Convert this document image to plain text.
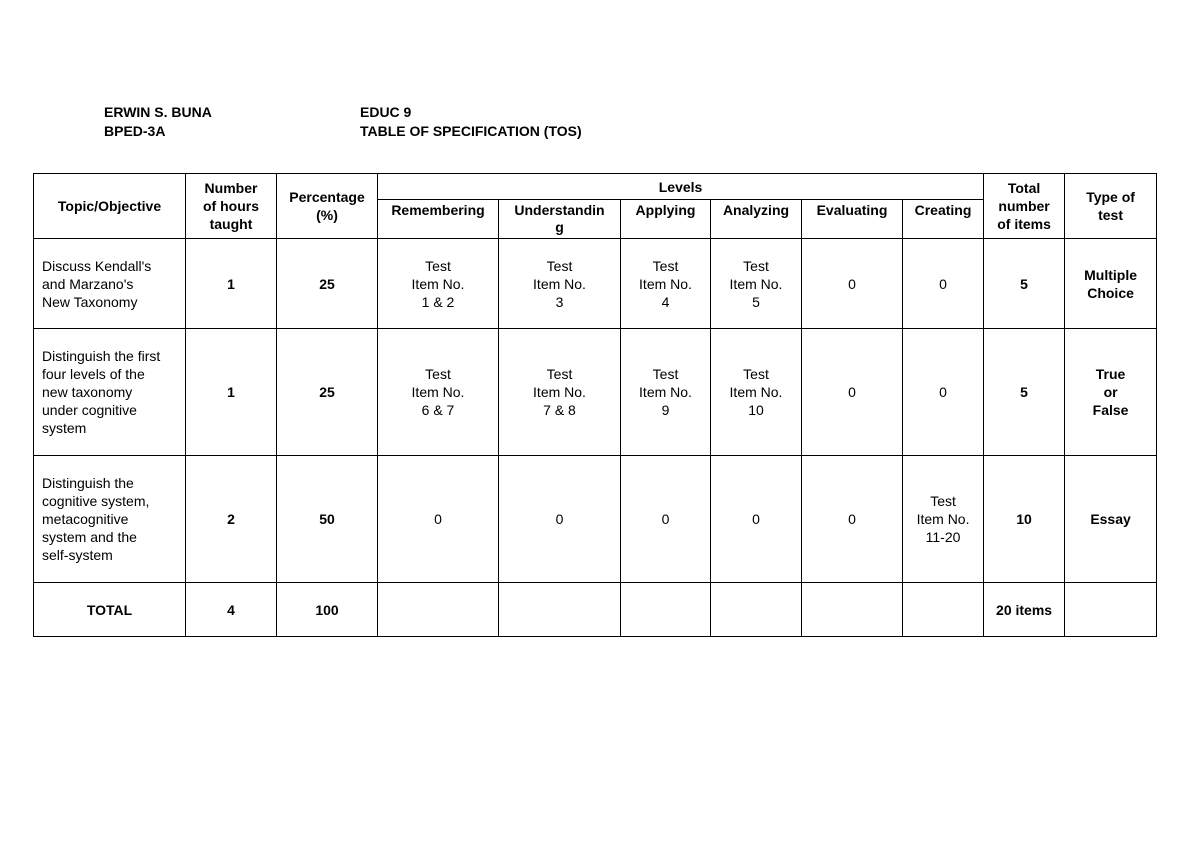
ERWIN S. BUNA
BPED-3A
EDUC 9
TABLE OF SPECIFICATION (TOS)
Topic/Objective	Number
of hours
taught	Percentage
(%)	Levels						Total
number
of items	Type of
test

			Remembering	Understandin
g	Applying	Analyzing	Evaluating	Creating		

Discuss Kendall's
and Marzano's
New Taxonomy	1	25	Test
Item No.
1 & 2	Test
Item No.
3	Test
Item No.
4	Test
Item No.
5	0	0	5	Multiple
Choice

Distinguish the first
four levels of the
new taxonomy
under cognitive
system	1	25	Test
Item No.
6 & 7	Test
Item No.
7 & 8	Test
Item No.
9	Test
Item No.
10	0	0	5	True
or
False

Distinguish the
cognitive system,
metacognitive
system and the
self-system	2	50	0	0	0	0	0	Test
Item No.
11-20	10	Essay

TOTAL	4	100							20 items	
